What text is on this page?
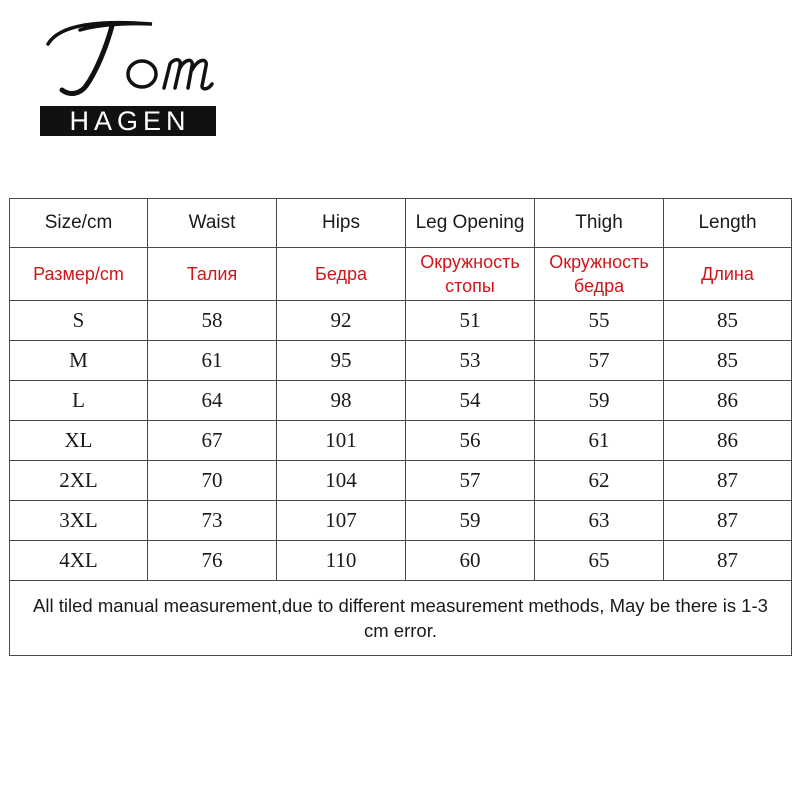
HAGEN
Size/cm	Waist	Hips	Leg Opening	Thigh	Length
Размер/cm	Талия	Бедра	Окружность стопы	Окружность бедра	Длина
S	58	92	51	55	85
M	61	95	53	57	85
L	64	98	54	59	86
XL	67	101	56	61	86
2XL	70	104	57	62	87
3XL	73	107	59	63	87
4XL	76	110	60	65	87
All tiled manual measurement,due to different measurement methods, May be there is 1-3 cm error.					
